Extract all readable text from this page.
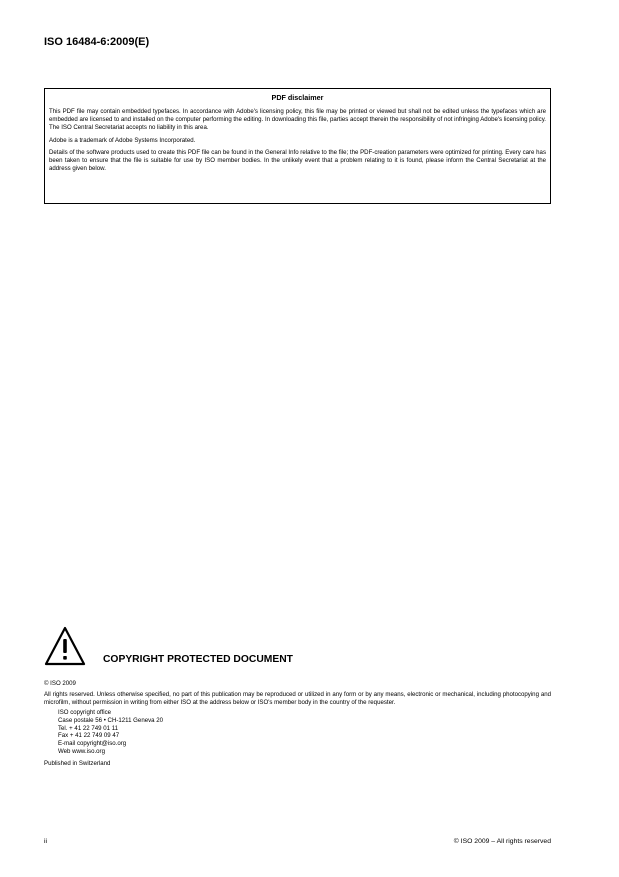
ISO 16484-6:2009(E)
PDF disclaimer

This PDF file may contain embedded typefaces. In accordance with Adobe's licensing policy, this file may be printed or viewed but shall not be edited unless the typefaces which are embedded are licensed to and installed on the computer performing the editing. In downloading this file, parties accept therein the responsibility of not infringing Adobe's licensing policy. The ISO Central Secretariat accepts no liability in this area.

Adobe is a trademark of Adobe Systems Incorporated.

Details of the software products used to create this PDF file can be found in the General Info relative to the file; the PDF-creation parameters were optimized for printing. Every care has been taken to ensure that the file is suitable for use by ISO member bodies. In the unlikely event that a problem relating to it is found, please inform the Central Secretariat at the address given below.

COPYRIGHT PROTECTED DOCUMENT
© ISO 2009
All rights reserved. Unless otherwise specified, no part of this publication may be reproduced or utilized in any form or by any means, electronic or mechanical, including photocopying and microfilm, without permission in writing from either ISO at the address below or ISO's member body in the country of the requester.
ISO copyright office
Case postale 56 • CH-1211 Geneva 20
Tel. + 41 22 749 01 11
Fax + 41 22 749 09 47
E-mail copyright@iso.org
Web www.iso.org
Published in Switzerland
ii	© ISO 2009 – All rights reserved
